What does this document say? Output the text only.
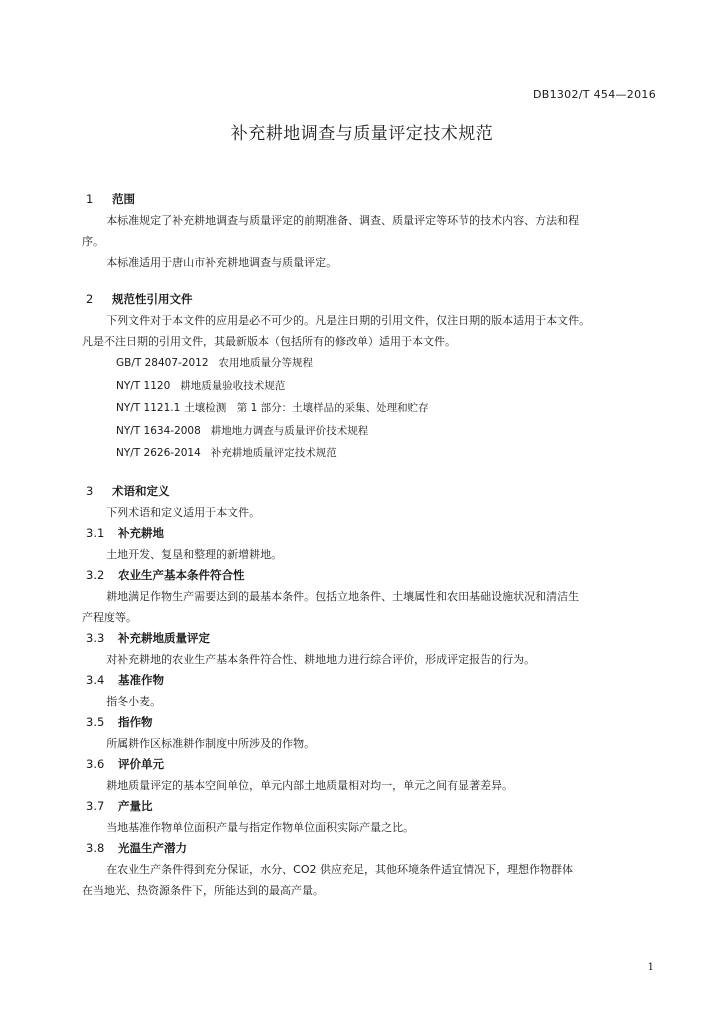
DB1302/T 454—2016
补充耕地调查与质量评定技术规范
1 范围

本标准规定了补充耕地调查与质量评定的前期准备、调查、质量评定等环节的技术内容、方法和程

序。

本标准适用于唐山市补充耕地调查与质量评定。

2 规范性引用文件

下列文件对于本文件的应用是必不可少的。凡是注日期的引用文件，仅注日期的版本适用于本文件。

凡是不注日期的引用文件，其最新版本（包括所有的修改单）适用于本文件。

GB/T 28407-2012 农用地质量分等规程

NY/T 1120 耕地质量验收技术规范

NY/T 1121.1 土壤检测　第 1 部分：土壤样品的采集、处理和贮存

NY/T 1634-2008 耕地地力调查与质量评价技术规程

NY/T 2626-2014 补充耕地质量评定技术规范

3 术语和定义

下列术语和定义适用于本文件。

3.1 补充耕地

土地开发、复垦和整理的新增耕地。

3.2 农业生产基本条件符合性

耕地满足作物生产需要达到的最基本条件。包括立地条件、土壤属性和农田基础设施状况和清洁生

产程度等。

3.3 补充耕地质量评定

对补充耕地的农业生产基本条件符合性、耕地地力进行综合评价，形成评定报告的行为。

3.4 基准作物

指冬小麦。

3.5 指作物

所属耕作区标准耕作制度中所涉及的作物。

3.6 评价单元

耕地质量评定的基本空间单位，单元内部土地质量相对均一，单元之间有显著差异。

3.7 产量比

当地基准作物单位面积产量与指定作物单位面积实际产量之比。

3.8 光温生产潜力

在农业生产条件得到充分保证，水分、CO2 供应充足，其他环境条件适宜情况下，理想作物群体

在当地光、热资源条件下，所能达到的最高产量。

1
